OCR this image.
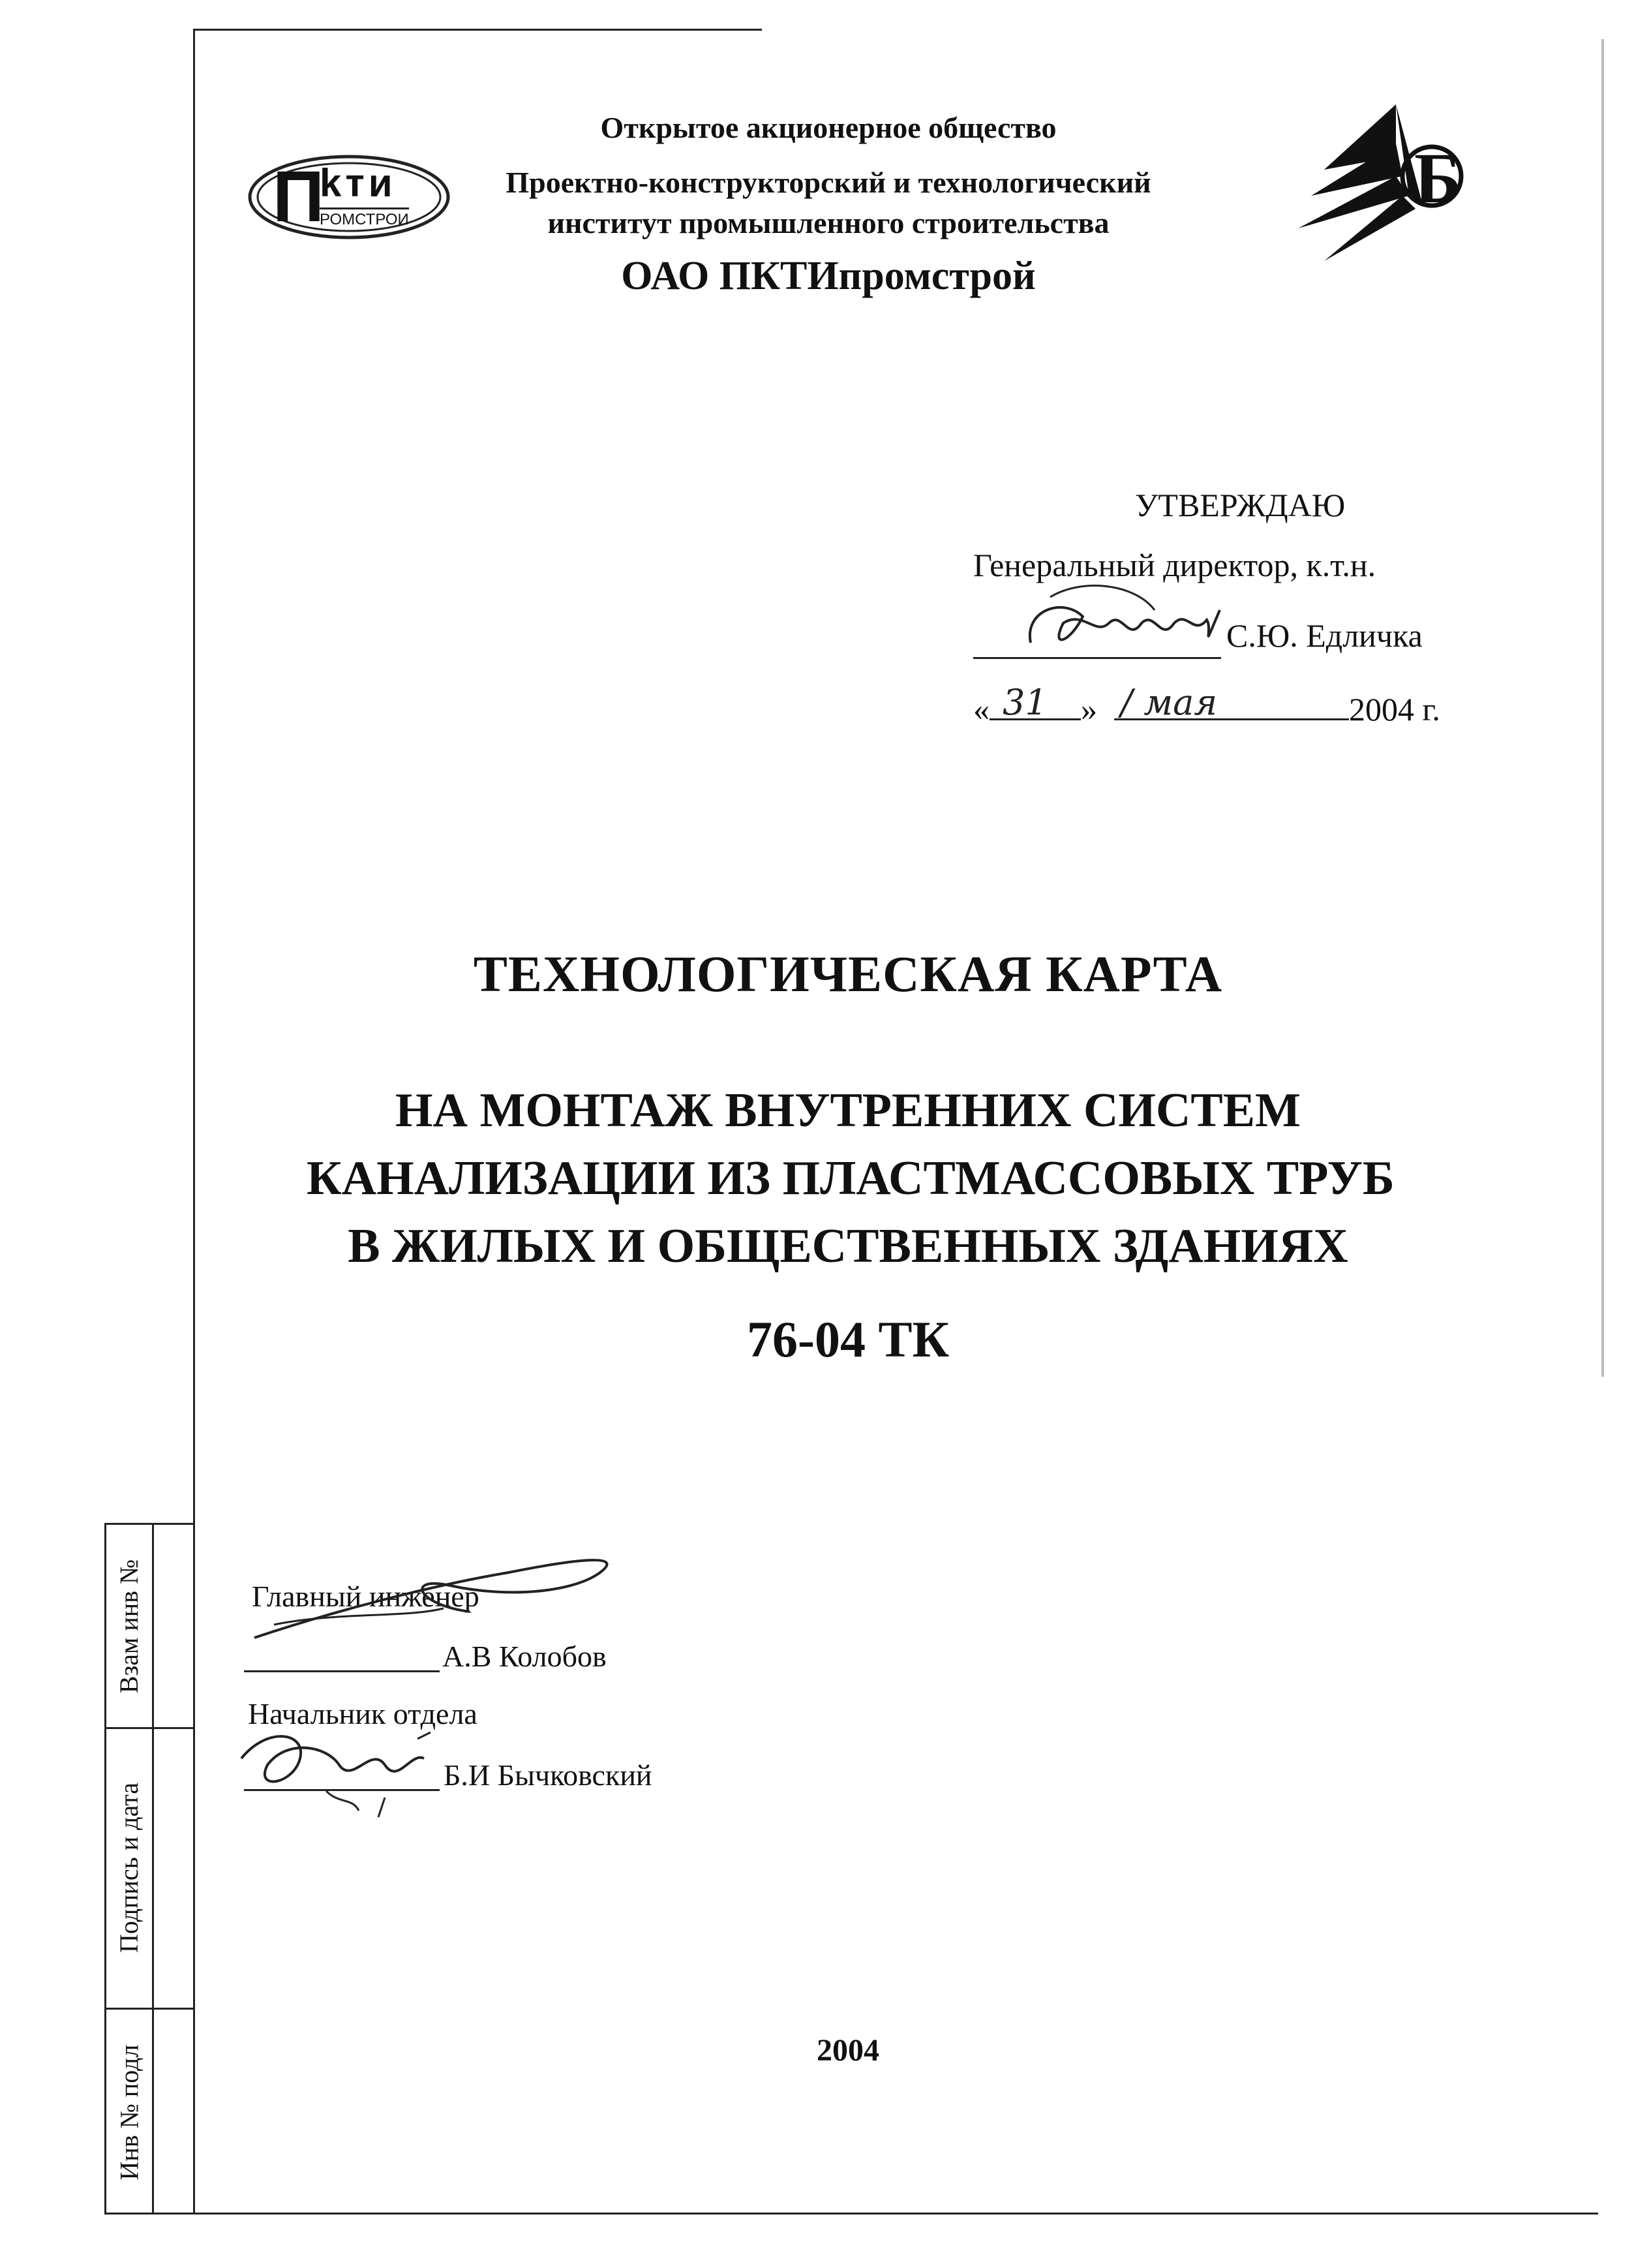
П
kти
РОМСТРОИ
Открытое акционерное общество
Проектно-конструкторский и технологический
институт промышленного строительства
ОАО ПКТИпромстрой
Б
УТВЕРЖДАЮ
Генеральный директор, к.т.н.
С.Ю. Едличка
« 31 » / мая	2004 г.
ТЕХНОЛОГИЧЕСКАЯ КАРТА
НА МОНТАЖ ВНУТРЕННИХ СИСТЕМ
КАНАЛИЗАЦИИ ИЗ ПЛАСТМАССОВЫХ ТРУБ
В ЖИЛЫХ И ОБЩЕСТВЕННЫХ ЗДАНИЯХ
76-04 ТК
Главный инженер
А.В Колобов
Начальник отдела
Б.И Бычковский
2004
Взам инв №
Подпись и дата
Инв № подл
